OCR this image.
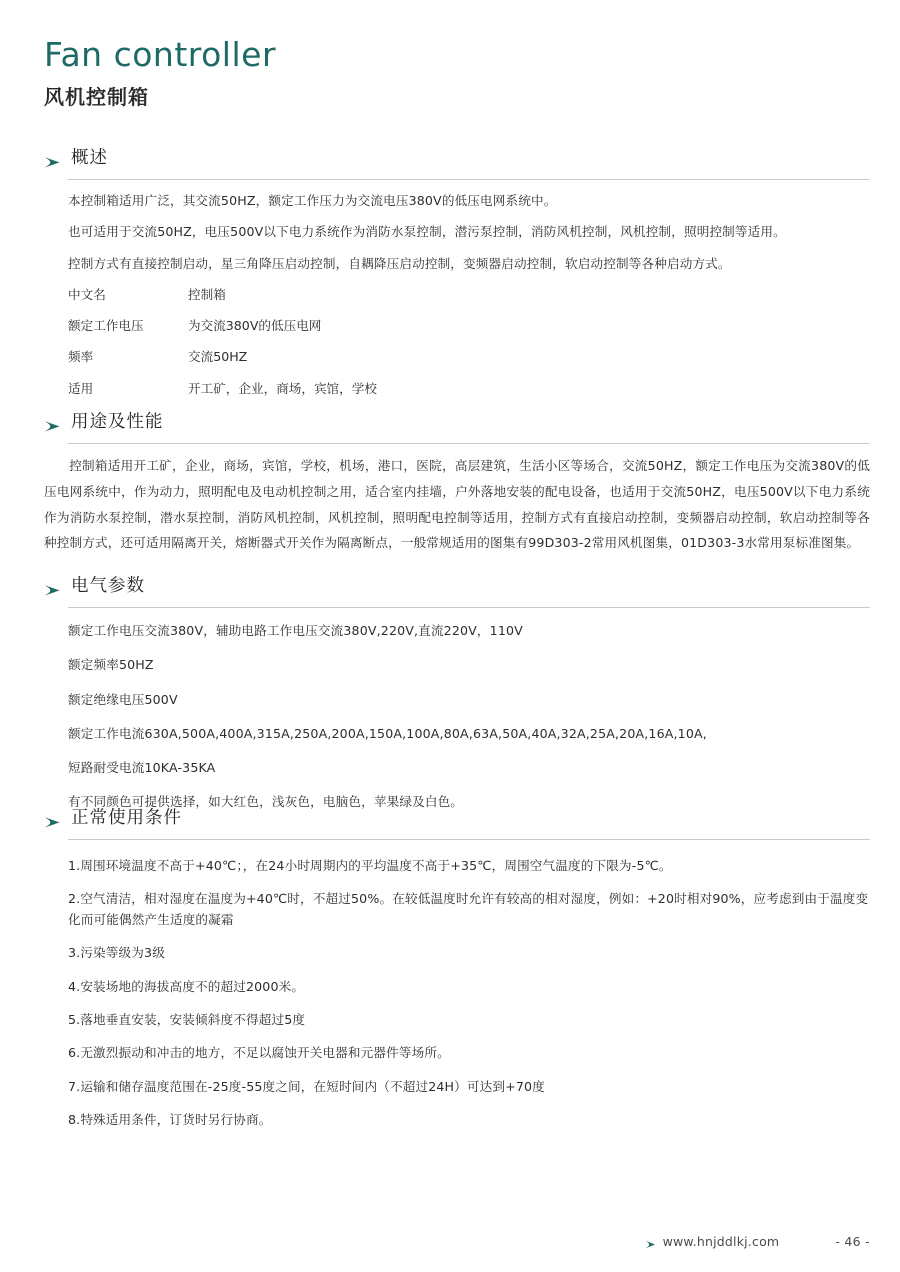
Fan controller
风机控制箱
概述

本控制箱适用广泛，其交流50HZ，额定工作压力为交流电压380V的低压电网系统中。

也可适用于交流50HZ，电压500V以下电力系统作为消防水泵控制，潜污泵控制，消防风机控制，风机控制，照明控制等适用。

控制方式有直接控制启动，星三角降压启动控制，自耦降压启动控制，变频器启动控制，软启动控制等各种启动方式。

中文名	控制箱
额定工作电压	为交流380V的低压电网
频率	交流50HZ
适用	开工矿，企业，商场，宾馆，学校
用途及性能

控制箱适用开工矿，企业，商场，宾馆，学校，机场，港口，医院，高层建筑，生活小区等场合，交流50HZ，额定工作电压为交流380V的低压电网系统中，作为动力，照明配电及电动机控制之用，适合室内挂墙，户外落地安装的配电设备，也适用于交流50HZ，电压500V以下电力系统作为消防水泵控制，潜水泵控制，消防风机控制，风机控制，照明配电控制等适用，控制方式有直接启动控制，变频器启动控制，软启动控制等各种控制方式，还可适用隔离开关，熔断器式开关作为隔离断点，一般常规适用的图集有99D303-2常用风机图集，01D303-3水常用泵标准图集。

电气参数

额定工作电压交流380V，辅助电路工作电压交流380V,220V,直流220V，110V

额定频率50HZ

额定绝缘电压500V

额定工作电流630A,500A,400A,315A,250A,200A,150A,100A,80A,63A,50A,40A,32A,25A,20A,16A,10A,

短路耐受电流10KA-35KA

有不同颜色可提供选择，如大红色，浅灰色，电脑色，苹果绿及白色。

正常使用条件

1.周围环境温度不高于+40℃；，在24小时周期内的平均温度不高于+35℃，周围空气温度的下限为-5℃。

2.空气清洁，相对湿度在温度为+40℃时，不超过50%。在较低温度时允许有较高的相对湿度，例如：+20时相对90%，应考虑到由于温度变化而可能偶然产生适度的凝霜

3.污染等级为3级

4.安装场地的海拔高度不的超过2000米。

5.落地垂直安装，安装倾斜度不得超过5度

6.无激烈振动和冲击的地方，不足以腐蚀开关电器和元器件等场所。

7.运输和储存温度范围在-25度-55度之间，在短时间内（不超过24H）可达到+70度

8.特殊适用条件，订货时另行协商。

www.hnjddlkj.com	- 46 -
